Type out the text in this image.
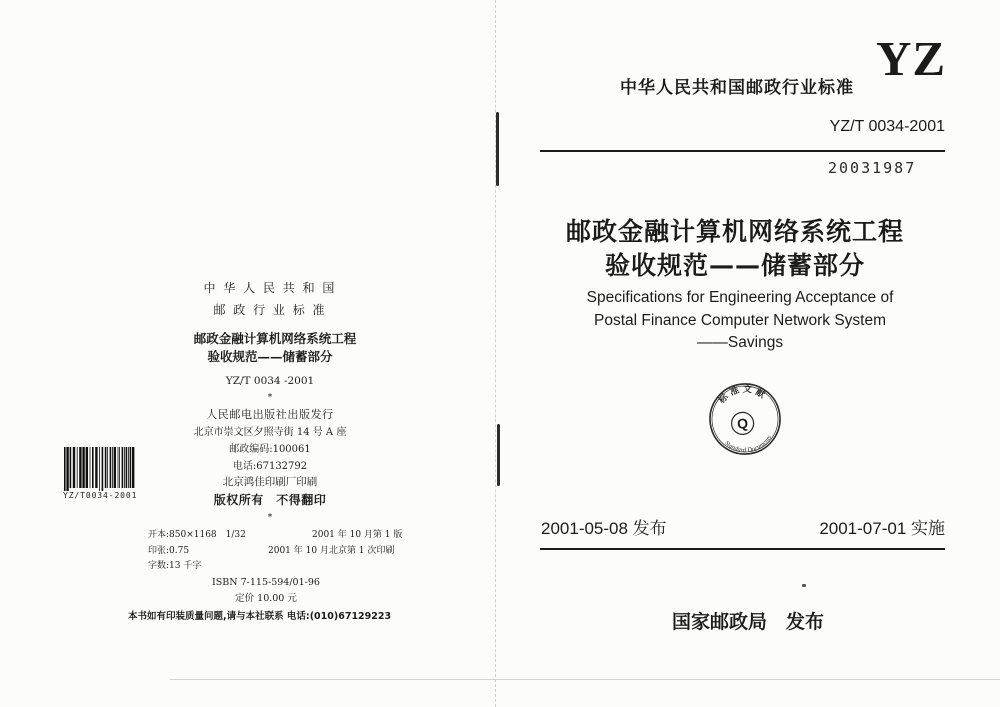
中 华 人 民 共 和 国
邮 政 行 业 标 准
邮政金融计算机网络系统工程
验收规范——储蓄部分
YZ/T 0034 -2001
*
人民邮电出版社出版发行
北京市崇文区夕照寺街 14 号 A 座
邮政编码:100061
电话:67132792
北京鸿佳印刷厂印刷
版权所有　不得翻印
*
开本:850×1168　1/32	2001 年 10 月第 1 版
印张:0.75	2001 年 10 月北京第 1 次印刷
字数:13 千字
ISBN 7-115-594/01-96
定价 10.00 元
本书如有印装质量问题,请与本社联系 电话:(010)67129223
YZ/T0034-2001
YZ
中华人民共和国邮政行业标准
YZ/T 0034-2001
20031987
邮政金融计算机网络系统工程
验收规范——储蓄部分
Specifications for Engineering Acceptance of
Postal Finance Computer Network System
——Savings
标 准 文 献
Standard Documents
Q
2001-05-08 发布	2001-07-01 实施
国家邮政局　发布
